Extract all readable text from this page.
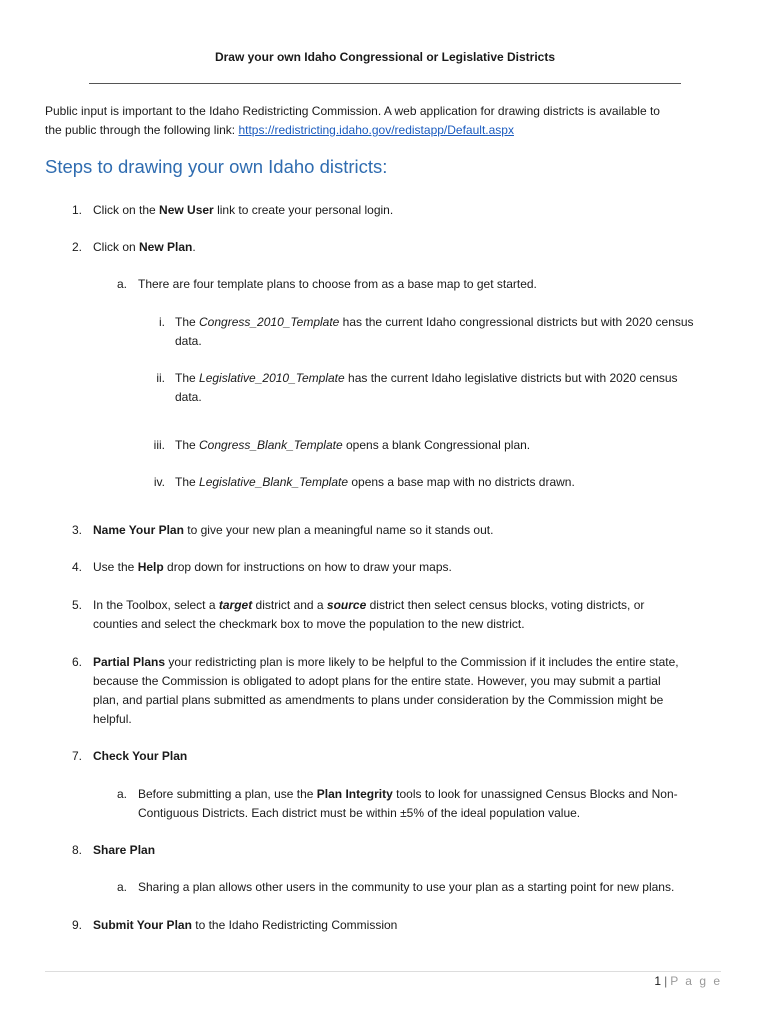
Draw your own Idaho Congressional or Legislative Districts
Public input is important to the Idaho Redistricting Commission. A web application for drawing districts is available to
the public through the following link: https://redistricting.idaho.gov/redistapp/Default.aspx
Steps to drawing your own Idaho districts:
1. Click on the New User link to create your personal login.
2. Click on New Plan.
a. There are four template plans to choose from as a base map to get started.
i. The Congress_2010_Template has the current Idaho congressional districts but with 2020 census
data.
ii. The Legislative_2010_Template has the current Idaho legislative districts but with 2020 census
data.
iii. The Congress_Blank_Template opens a blank Congressional plan.
iv. The Legislative_Blank_Template opens a base map with no districts drawn.
3. Name Your Plan to give your new plan a meaningful name so it stands out.
4. Use the Help drop down for instructions on how to draw your maps.
5. In the Toolbox, select a target district and a source district then select census blocks, voting districts, or
counties and select the checkmark box to move the population to the new district.
6. Partial Plans your redistricting plan is more likely to be helpful to the Commission if it includes the entire state,
because the Commission is obligated to adopt plans for the entire state. However, you may submit a partial
plan, and partial plans submitted as amendments to plans under consideration by the Commission might be
helpful.
7. Check Your Plan
a. Before submitting a plan, use the Plan Integrity tools to look for unassigned Census Blocks and Non-
Contiguous Districts. Each district must be within ±5% of the ideal population value.
8. Share Plan
a. Sharing a plan allows other users in the community to use your plan as a starting point for new plans.
9. Submit Your Plan to the Idaho Redistricting Commission
1 | P a g e
